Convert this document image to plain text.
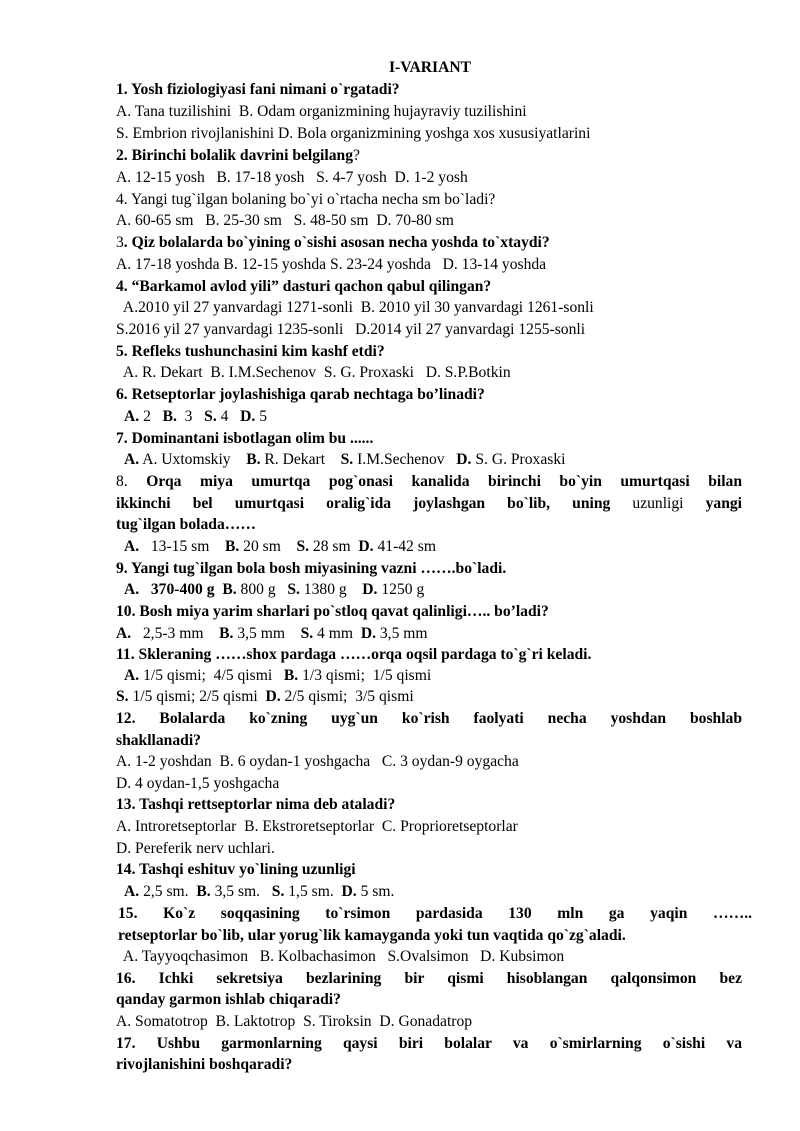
I-VARIANT
1. Yosh fiziologiyasi fani nimani o`rgatadi?
A. Tana tuzilishini  B. Odam organizmining hujayraviy tuzilishini
S. Embrion rivojlanishini D. Bola organizmining yoshga xos xususiyatlarini
2. Birinchi bolalik davrini belgilang?
A. 12-15 yosh   B. 17-18 yosh   S. 4-7 yosh  D. 1-2 yosh
4. Yangi tug`ilgan bolaning bo`yi o`rtacha necha sm bo`ladi?
A. 60-65 sm   B. 25-30 sm   S. 48-50 sm  D. 70-80 sm
3. Qiz bolalarda bo`yining o`sishi asosan necha yoshda to`xtaydi?
A. 17-18 yoshda B. 12-15 yoshda S. 23-24 yoshda   D. 13-14 yoshda
4. “Barkamol avlod yili” dasturi qachon qabul qilingan?
A.2010 yil 27 yanvardagi 1271-sonli  B. 2010 yil 30 yanvardagi 1261-sonli
S.2016 yil 27 yanvardagi 1235-sonli   D.2014 yil 27 yanvardagi 1255-sonli
5. Refleks tushunchasini kim kashf etdi?
A. R. Dekart  B. I.M.Sechenov  S. G. Proxaski   D. S.P.Botkin
6. Retseptorlar joylashishiga qarab nechtaga bo’linadi?
A. 2   B.  3   S. 4   D. 5
7. Dominantani isbotlagan olim bu ......
A. A. Uxtomskiy    B. R. Dekart    S. I.M.Sechenov   D. S. G. Proxaski
8. Orqa miya umurtqa pog`onasi kanalida birinchi bo`yin umurtqasi bilan
ikkinchi bel umurtqasi oralig`ida joylashgan bo`lib, uning uzunligi yangi
tug`ilgan bolada……
A.   13-15 sm    B. 20 sm    S. 28 sm  D. 41-42 sm
9. Yangi tug`ilgan bola bosh miyasining vazni …….bo`ladi.
A.   370-400 g B. 800 g   S. 1380 g    D. 1250 g
10. Bosh miya yarim sharlari po`stloq qavat qalinligi….. bo’ladi?
A.   2,5-3 mm    B. 3,5 mm    S. 4 mm  D. 3,5 mm
11. Skleraning ……shox pardaga ……orqa oqsil pardaga to`g`ri keladi.
A. 1/5 qismi;  4/5 qismi   B. 1/3 qismi;  1/5 qismi
S. 1/5 qismi; 2/5 qismi  D. 2/5 qismi;  3/5 qismi
12. Bolalarda ko`zning uyg`un ko`rish faolyati necha yoshdan boshlab
shakllanadi?
A. 1-2 yoshdan  B. 6 oydan-1 yoshgacha   C. 3 oydan-9 oygacha
D. 4 oydan-1,5 yoshgacha
13. Tashqi rettseptorlar nima deb ataladi?
A. Introretseptorlar  B. Ekstroretseptorlar  C. Proprioretseptorlar
D. Pereferik nerv uchlari.
14. Tashqi eshituv yo`lining uzunligi
A. 2,5 sm.  B. 3,5 sm.   S. 1,5 sm.  D. 5 sm.
15. Ko`z soqqasining to`rsimon pardasida 130 mln ga yaqin ……..
retseptorlar bo`lib, ular yorug`lik kamayganda yoki tun vaqtida qo`zg`aladi.
A. Tayyoqchasimon   B. Kolbachasimon   S.Ovalsimon   D. Kubsimon
16. Ichki sekretsiya bezlarining bir qismi hisoblangan qalqonsimon bez
qanday garmon ishlab chiqaradi?
A. Somatotrop  B. Laktotrop  S. Tiroksin  D. Gonadatrop
17. Ushbu garmonlarning qaysi biri bolalar va o`smirlarning o`sishi va
rivojlanishini boshqaradi?
